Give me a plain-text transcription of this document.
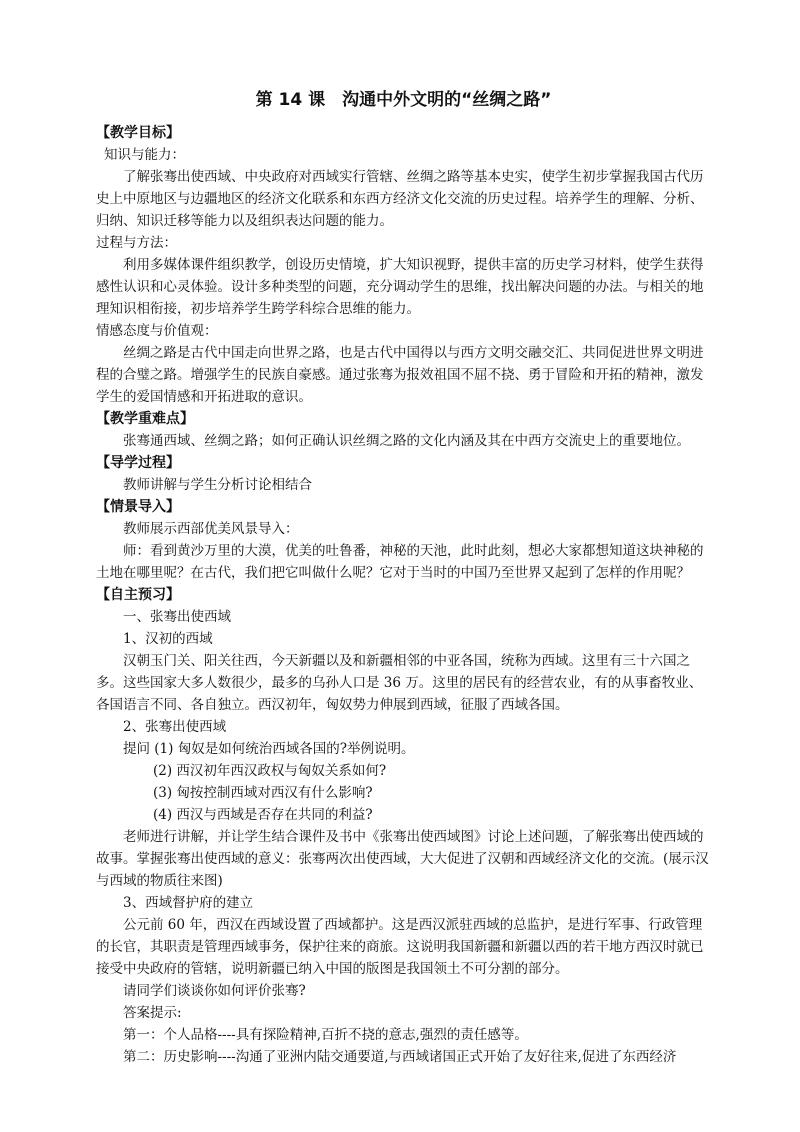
第 14 课　沟通中外文明的“丝绸之路”
【教学目标】
知识与能力：
了解张骞出使西域、中央政府对西域实行管辖、丝绸之路等基本史实，使学生初步掌握我国古代历史上中原地区与边疆地区的经济文化联系和东西方经济文化交流的历史过程。培养学生的理解、分析、归纳、知识迁移等能力以及组织表达问题的能力。
过程与方法：
利用多媒体课件组织教学，创设历史情境，扩大知识视野，提供丰富的历史学习材料，使学生获得感性认识和心灵体验。设计多种类型的问题，充分调动学生的思维，找出解决问题的办法。与相关的地理知识相衔接，初步培养学生跨学科综合思维的能力。
情感态度与价值观：
丝绸之路是古代中国走向世界之路，也是古代中国得以与西方文明交融交汇、共同促进世界文明进程的合璧之路。增强学生的民族自豪感。通过张骞为报效祖国不屈不挠、勇于冒险和开拓的精神，激发学生的爱国情感和开拓进取的意识。
【教学重难点】
张骞通西域、丝绸之路；如何正确认识丝绸之路的文化内涵及其在中西方交流史上的重要地位。
【导学过程】
教师讲解与学生分析讨论相结合
【情景导入】
教师展示西部优美风景导入：
师：看到黄沙万里的大漠，优美的吐鲁番，神秘的天池，此时此刻，想必大家都想知道这块神秘的土地在哪里呢？在古代，我们把它叫做什么呢？它对于当时的中国乃至世界又起到了怎样的作用呢？
【自主预习】
一、张骞出使西域
1、汉初的西域
汉朝玉门关、阳关往西，今天新疆以及和新疆相邻的中亚各国，统称为西域。这里有三十六国之多。这些国家大多人数很少，最多的乌孙人口是 36 万。这里的居民有的经营农业，有的从事畜牧业、各国语言不同、各自独立。西汉初年，匈奴势力伸展到西域，征服了西域各国。
2、张骞出使西域
提问 (1) 匈奴是如何统治西域各国的?举例说明。
(2) 西汉初年西汉政权与匈奴关系如何?
(3) 匈按控制西域对西汉有什么影响?
(4) 西汉与西域是否存在共同的利益?
老师进行讲解，并让学生结合课件及书中《张骞出使西域图》讨论上述问题，了解张骞出使西域的故事。掌握张骞出使西域的意义：张骞两次出使西域，大大促进了汉朝和西域经济文化的交流。(展示汉与西域的物质往来图)
3、西域督护府的建立
公元前 60 年，西汉在西域设置了西域都护。这是西汉派驻西域的总监护，是进行军事、行政管理的长官，其职责是管理西域事务，保护往来的商旅。这说明我国新疆和新疆以西的若干地方西汉时就已接受中央政府的管辖，说明新疆已纳入中国的版图是我国领土不可分割的部分。
请同学们谈谈你如何评价张骞?
答案提示:
第一：个人品格----具有探险精神,百折不挠的意志,强烈的责任感等。
第二：历史影响----沟通了亚洲内陆交通要道,与西域诸国正式开始了友好往来,促进了东西经济
